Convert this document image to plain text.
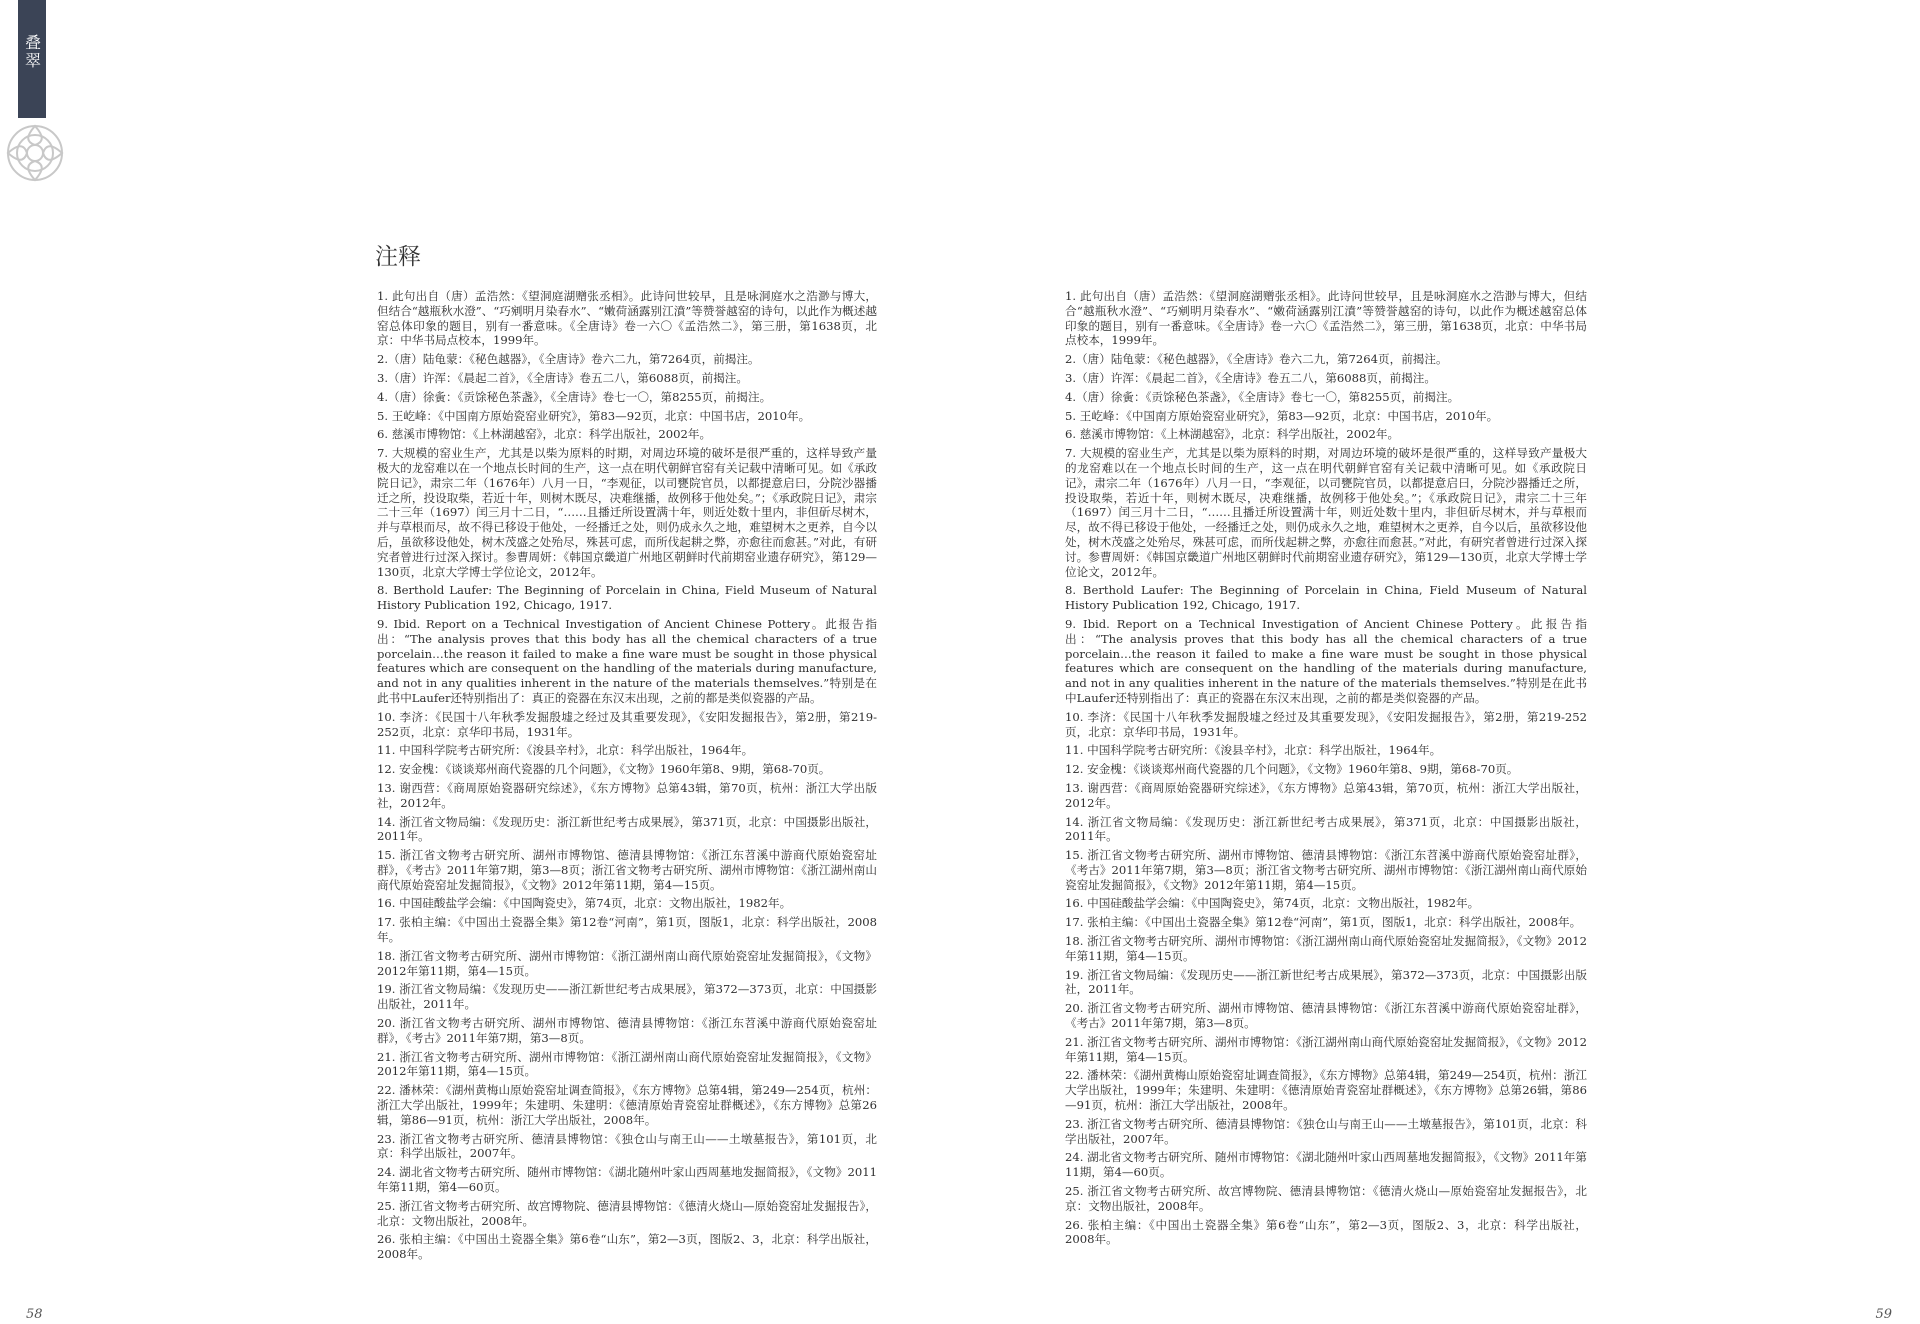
叠翠
注释
1. 此句出自（唐）孟浩然：《望洞庭湖赠张丞相》。此诗问世较早，且是咏洞庭水之浩渺与博大，但结合“越瓶秋水澄”、“巧剜明月染春水”、“嫩荷涵露别江濆”等赞誉越窑的诗句，以此作为概述越窑总体印象的题目，别有一番意味。《全唐诗》卷一六〇《孟浩然二》，第三册，第1638页，北京：中华书局点校本，1999年。
2.（唐）陆龟蒙：《秘色越器》，《全唐诗》卷六二九，第7264页，前揭注。
3.（唐）许浑：《晨起二首》，《全唐诗》卷五二八，第6088页，前揭注。
4.（唐）徐夤：《贡馀秘色茶盏》，《全唐诗》卷七一〇，第8255页，前揭注。
5. 王屹峰：《中国南方原始瓷窑业研究》，第83—92页，北京：中国书店，2010年。
6. 慈溪市博物馆：《上林湖越窑》，北京：科学出版社，2002年。
7. 大规模的窑业生产，尤其是以柴为原料的时期，对周边环境的破坏是很严重的，这样导致产量极大的龙窑难以在一个地点长时间的生产，这一点在明代朝鲜官窑有关记载中清晰可见。如《承政院日记》，肃宗二年（1676年）八月一日，“李观征，以司甕院官员，以都提意启曰，分院沙器播迁之所，投设取柴，若近十年，则树木既尽，决难继播，故例移于他处矣。”；《承政院日记》，肃宗二十三年（1697）闰三月十二日，“……且播迁所设置满十年，则近处数十里内，非但斫尽树木，并与草根而尽，故不得已移设于他处，一经播迁之处，则仍成永久之地，难望树木之更养，自今以后，虽欲移设他处，树木茂盛之处殆尽，殊甚可虑，而所伐起耕之弊，亦愈往而愈甚。”对此，有研究者曾进行过深入探讨。参曹周妍：《韩国京畿道广州地区朝鲜时代前期窑业遗存研究》，第129—130页，北京大学博士学位论文，2012年。
8. Berthold Laufer: The Beginning of Porcelain in China, Field Museum of Natural History Publication 192, Chicago, 1917.
9. Ibid. Report on a Technical Investigation of Ancient Chinese Pottery。此报告指出：“The analysis proves that this body has all the chemical characters of a true porcelain…the reason it failed to make a fine ware must be sought in those physical features which are consequent on the handling of the materials during manufacture, and not in any qualities inherent in the nature of the materials themselves.”特别是在此书中Laufer还特别指出了：真正的瓷器在东汉末出现，之前的都是类似瓷器的产品。
10. 李济：《民国十八年秋季发掘殷墟之经过及其重要发现》，《安阳发掘报告》，第2册，第219-252页，北京：京华印书局，1931年。
11. 中国科学院考古研究所：《浚县辛村》，北京：科学出版社，1964年。
12. 安金槐：《谈谈郑州商代瓷器的几个问题》，《文物》1960年第8、9期，第68-70页。
13. 谢西营：《商周原始瓷器研究综述》，《东方博物》总第43辑，第70页，杭州：浙江大学出版社，2012年。
14. 浙江省文物局编：《发现历史：浙江新世纪考古成果展》，第371页，北京：中国摄影出版社，2011年。
15. 浙江省文物考古研究所、湖州市博物馆、德清县博物馆：《浙江东苕溪中游商代原始瓷窑址群》，《考古》2011年第7期，第3—8页；浙江省文物考古研究所、湖州市博物馆：《浙江湖州南山商代原始瓷窑址发掘简报》，《文物》2012年第11期，第4—15页。
16. 中国硅酸盐学会编：《中国陶瓷史》，第74页，北京：文物出版社，1982年。
17. 张柏主编：《中国出土瓷器全集》第12卷“河南”，第1页，图版1，北京：科学出版社，2008年。
18. 浙江省文物考古研究所、湖州市博物馆：《浙江湖州南山商代原始瓷窑址发掘简报》，《文物》2012年第11期，第4—15页。
19. 浙江省文物局编：《发现历史——浙江新世纪考古成果展》，第372—373页，北京：中国摄影出版社，2011年。
20. 浙江省文物考古研究所、湖州市博物馆、德清县博物馆：《浙江东苕溪中游商代原始瓷窑址群》，《考古》2011年第7期，第3—8页。
21. 浙江省文物考古研究所、湖州市博物馆：《浙江湖州南山商代原始瓷窑址发掘简报》，《文物》2012年第11期，第4—15页。
22. 潘林荣：《湖州黄梅山原始瓷窑址调查简报》，《东方博物》总第4辑，第249—254页，杭州：浙江大学出版社，1999年；朱建明、朱建明：《德清原始青瓷窑址群概述》，《东方博物》总第26辑，第86—91页，杭州：浙江大学出版社，2008年。
23. 浙江省文物考古研究所、德清县博物馆：《独仓山与南王山——土墩墓报告》，第101页，北京：科学出版社，2007年。
24. 湖北省文物考古研究所、随州市博物馆：《湖北随州叶家山西周墓地发掘简报》，《文物》2011年第11期，第4—60页。
25. 浙江省文物考古研究所、故宫博物院、德清县博物馆：《德清火烧山—原始瓷窑址发掘报告》，北京：文物出版社，2008年。
26. 张柏主编：《中国出土瓷器全集》第6卷“山东”，第2—3页，图版2、3，北京：科学出版社，2008年。
1. 此句出自（唐）孟浩然：《望洞庭湖赠张丞相》。此诗问世较早，且是咏洞庭水之浩渺与博大，但结合“越瓶秋水澄”、“巧剜明月染春水”、“嫩荷涵露别江濆”等赞誉越窑的诗句，以此作为概述越窑总体印象的题目，别有一番意味。《全唐诗》卷一六〇《孟浩然二》，第三册，第1638页，北京：中华书局点校本，1999年。
2.（唐）陆龟蒙：《秘色越器》，《全唐诗》卷六二九，第7264页，前揭注。
3.（唐）许浑：《晨起二首》，《全唐诗》卷五二八，第6088页，前揭注。
4.（唐）徐夤：《贡馀秘色茶盏》，《全唐诗》卷七一〇，第8255页，前揭注。
5. 王屹峰：《中国南方原始瓷窑业研究》，第83—92页，北京：中国书店，2010年。
6. 慈溪市博物馆：《上林湖越窑》，北京：科学出版社，2002年。
7. 大规模的窑业生产，尤其是以柴为原料的时期，对周边环境的破坏是很严重的，这样导致产量极大的龙窑难以在一个地点长时间的生产，这一点在明代朝鲜官窑有关记载中清晰可见。如《承政院日记》，肃宗二年（1676年）八月一日，“李观征，以司甕院官员，以都提意启曰，分院沙器播迁之所，投设取柴，若近十年，则树木既尽，决难继播，故例移于他处矣。”；《承政院日记》，肃宗二十三年（1697）闰三月十二日，“……且播迁所设置满十年，则近处数十里内，非但斫尽树木，并与草根而尽，故不得已移设于他处，一经播迁之处，则仍成永久之地，难望树木之更养，自今以后，虽欲移设他处，树木茂盛之处殆尽，殊甚可虑，而所伐起耕之弊，亦愈往而愈甚。”对此，有研究者曾进行过深入探讨。参曹周妍：《韩国京畿道广州地区朝鲜时代前期窑业遗存研究》，第129—130页，北京大学博士学位论文，2012年。
8. Berthold Laufer: The Beginning of Porcelain in China, Field Museum of Natural History Publication 192, Chicago, 1917.
9. Ibid. Report on a Technical Investigation of Ancient Chinese Pottery。此报告指出：“The analysis proves that this body has all the chemical characters of a true porcelain…the reason it failed to make a fine ware must be sought in those physical features which are consequent on the handling of the materials during manufacture, and not in any qualities inherent in the nature of the materials themselves.”特别是在此书中Laufer还特别指出了：真正的瓷器在东汉末出现，之前的都是类似瓷器的产品。
10. 李济：《民国十八年秋季发掘殷墟之经过及其重要发现》，《安阳发掘报告》，第2册，第219-252页，北京：京华印书局，1931年。
11. 中国科学院考古研究所：《浚县辛村》，北京：科学出版社，1964年。
12. 安金槐：《谈谈郑州商代瓷器的几个问题》，《文物》1960年第8、9期，第68-70页。
13. 谢西营：《商周原始瓷器研究综述》，《东方博物》总第43辑，第70页，杭州：浙江大学出版社，2012年。
14. 浙江省文物局编：《发现历史：浙江新世纪考古成果展》，第371页，北京：中国摄影出版社，2011年。
15. 浙江省文物考古研究所、湖州市博物馆、德清县博物馆：《浙江东苕溪中游商代原始瓷窑址群》，《考古》2011年第7期，第3—8页；浙江省文物考古研究所、湖州市博物馆：《浙江湖州南山商代原始瓷窑址发掘简报》，《文物》2012年第11期，第4—15页。
16. 中国硅酸盐学会编：《中国陶瓷史》，第74页，北京：文物出版社，1982年。
17. 张柏主编：《中国出土瓷器全集》第12卷“河南”，第1页，图版1，北京：科学出版社，2008年。
18. 浙江省文物考古研究所、湖州市博物馆：《浙江湖州南山商代原始瓷窑址发掘简报》，《文物》2012年第11期，第4—15页。
19. 浙江省文物局编：《发现历史——浙江新世纪考古成果展》，第372—373页，北京：中国摄影出版社，2011年。
20. 浙江省文物考古研究所、湖州市博物馆、德清县博物馆：《浙江东苕溪中游商代原始瓷窑址群》，《考古》2011年第7期，第3—8页。
21. 浙江省文物考古研究所、湖州市博物馆：《浙江湖州南山商代原始瓷窑址发掘简报》，《文物》2012年第11期，第4—15页。
22. 潘林荣：《湖州黄梅山原始瓷窑址调查简报》，《东方博物》总第4辑，第249—254页，杭州：浙江大学出版社，1999年；朱建明、朱建明：《德清原始青瓷窑址群概述》，《东方博物》总第26辑，第86—91页，杭州：浙江大学出版社，2008年。
23. 浙江省文物考古研究所、德清县博物馆：《独仓山与南王山——土墩墓报告》，第101页，北京：科学出版社，2007年。
24. 湖北省文物考古研究所、随州市博物馆：《湖北随州叶家山西周墓地发掘简报》，《文物》2011年第11期，第4—60页。
25. 浙江省文物考古研究所、故宫博物院、德清县博物馆：《德清火烧山—原始瓷窑址发掘报告》，北京：文物出版社，2008年。
26. 张柏主编：《中国出土瓷器全集》第6卷“山东”，第2—3页，图版2、3，北京：科学出版社，2008年。
58	59
